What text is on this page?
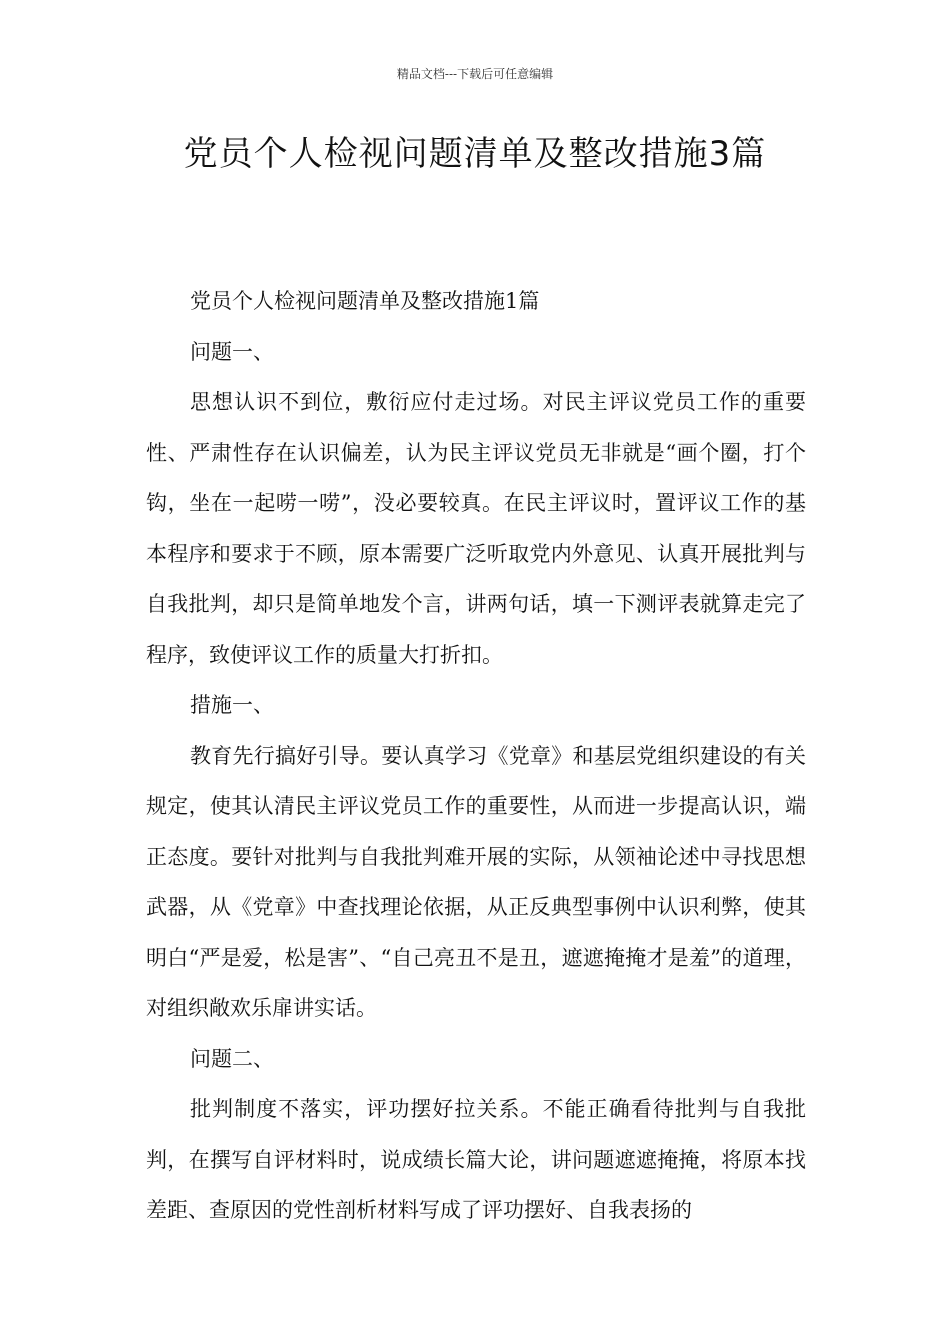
精品文档---下载后可任意编辑
党员个人检视问题清单及整改措施3篇

党员个人检视问题清单及整改措施1篇

问题一、

思想认识不到位，敷衍应付走过场。对民主评议党员工作的重要性、严肃性存在认识偏差，认为民主评议党员无非就是“画个圈，打个钩，坐在一起唠一唠”，没必要较真。在民主评议时，置评议工作的基本程序和要求于不顾，原本需要广泛听取党内外意见、认真开展批判与自我批判，却只是简单地发个言，讲两句话，填一下测评表就算走完了程序，致使评议工作的质量大打折扣。

措施一、

教育先行搞好引导。要认真学习《党章》和基层党组织建设的有关规定，使其认清民主评议党员工作的重要性，从而进一步提高认识，端正态度。要针对批判与自我批判难开展的实际，从领袖论述中寻找思想武器，从《党章》中查找理论依据，从正反典型事例中认识利弊，使其明白“严是爱，松是害”、“自己亮丑不是丑，遮遮掩掩才是羞”的道理，对组织敞欢乐扉讲实话。

问题二、

批判制度不落实，评功摆好拉关系。不能正确看待批判与自我批判，在撰写自评材料时，说成绩长篇大论，讲问题遮遮掩掩，将原本找差距、查原因的党性剖析材料写成了评功摆好、自我表扬的
